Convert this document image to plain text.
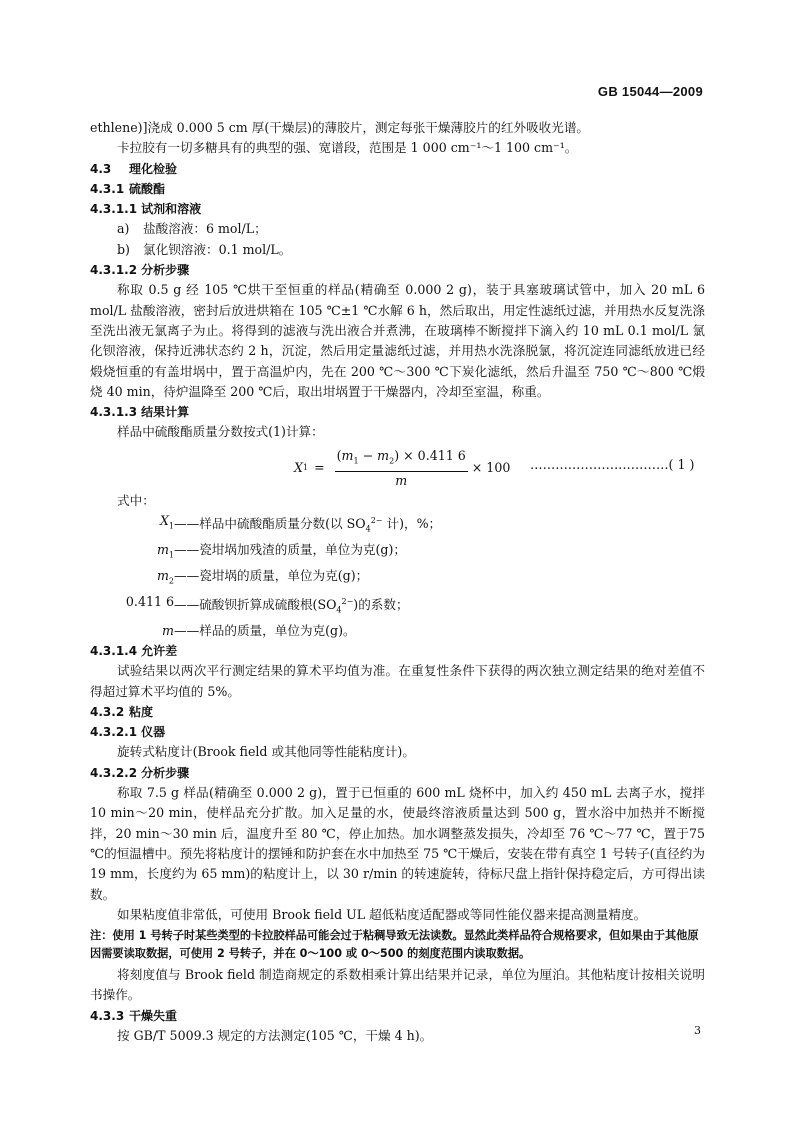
GB 15044—2009

ethlene)]浇成 0.000 5 cm 厚(干燥层)的薄胶片，测定每张干燥薄胶片的红外吸收光谱。

卡拉胶有一切多糖具有的典型的强、宽谱段，范围是 1 000 cm⁻¹～1 100 cm⁻¹。

4.3 理化检验

4.3.1 硫酸酯

4.3.1.1 试剂和溶液

a) 盐酸溶液：6 mol/L；

b) 氯化钡溶液：0.1 mol/L。

4.3.1.2 分析步骤

称取 0.5 g 经 105 ℃烘干至恒重的样品(精确至 0.000 2 g)，装于具塞玻璃试管中，加入 20 mL 6 mol/L 盐酸溶液，密封后放进烘箱在 105 ℃±1 ℃水解 6 h，然后取出，用定性滤纸过滤，并用热水反复洗涤至洗出液无氯离子为止。将得到的滤液与洗出液合并煮沸，在玻璃棒不断搅拌下滴入约 10 mL 0.1 mol/L 氯化钡溶液，保持近沸状态约 2 h，沉淀，然后用定量滤纸过滤，并用热水洗涤脱氯，将沉淀连同滤纸放进已经煅烧恒重的有盖坩埚中，置于高温炉内，先在 200 ℃～300 ℃下炭化滤纸，然后升温至 750 ℃～800 ℃煅烧 40 min，待炉温降至 200 ℃后，取出坩埚置于干燥器内，冷却至室温，称重。

4.3.1.3 结果计算

样品中硫酸酯质量分数按式(1)计算：

X $1 = \frac{(m_1 - m_2) \times 0.411 6}{m} \times 100$ ……………………………( 1 )

式中：

$X_1$ ——样品中硫酸酯质量分数(以 $SO_4^{2-}$ 计)，%；

$m_1$ ——瓷坩埚加残渣的质量，单位为克(g)；

$m_2$ ——瓷坩埚的质量，单位为克(g)；

0.411 6 ——硫酸钡折算成硫酸根$(SO_4^{2-})$的系数；

m ——样品的质量，单位为克(g)。

4.3.1.4 允许差

试验结果以两次平行测定结果的算术平均值为准。在重复性条件下获得的两次独立测定结果的绝对差值不得超过算术平均值的 5%。

4.3.2 粘度

4.3.2.1 仪器

旋转式粘度计(Brook field 或其他同等性能粘度计)。

4.3.2.2 分析步骤

称取 7.5 g 样品(精确至 0.000 2 g)，置于已恒重的 600 mL 烧杯中，加入约 450 mL 去离子水，搅拌 10 min～20 min，使样品充分扩散。加入足量的水，使最终溶液质量达到 500 g，置水浴中加热并不断搅拌，20 min～30 min 后，温度升至 80 ℃，停止加热。加水调整蒸发损失，冷却至 76 ℃～77 ℃，置于75 ℃的恒温槽中。预先将粘度计的摆锤和防护套在水中加热至 75 ℃干燥后，安装在带有真空 1 号转子(直径约为 19 mm，长度约为 65 mm)的粘度计上，以 30 r/min 的转速旋转，待标尺盘上指针保持稳定后，方可得出读数。

如果粘度值非常低，可使用 Brook field UL 超低粘度适配器或等同性能仪器来提高测量精度。

注：使用 1 号转子时某些类型的卡拉胶样品可能会过于粘稠导致无法读数。显然此类样品符合规格要求，但如果由于其他原因需要读取数据，可使用 2 号转子，并在 0～100 或 0～500 的刻度范围内读取数据。

将刻度值与 Brook field 制造商规定的系数相乘计算出结果并记录，单位为厘泊。其他粘度计按相关说明书操作。

4.3.3 干燥失重

按 GB/T 5009.3 规定的方法测定(105 ℃，干燥 4 h)。	3
